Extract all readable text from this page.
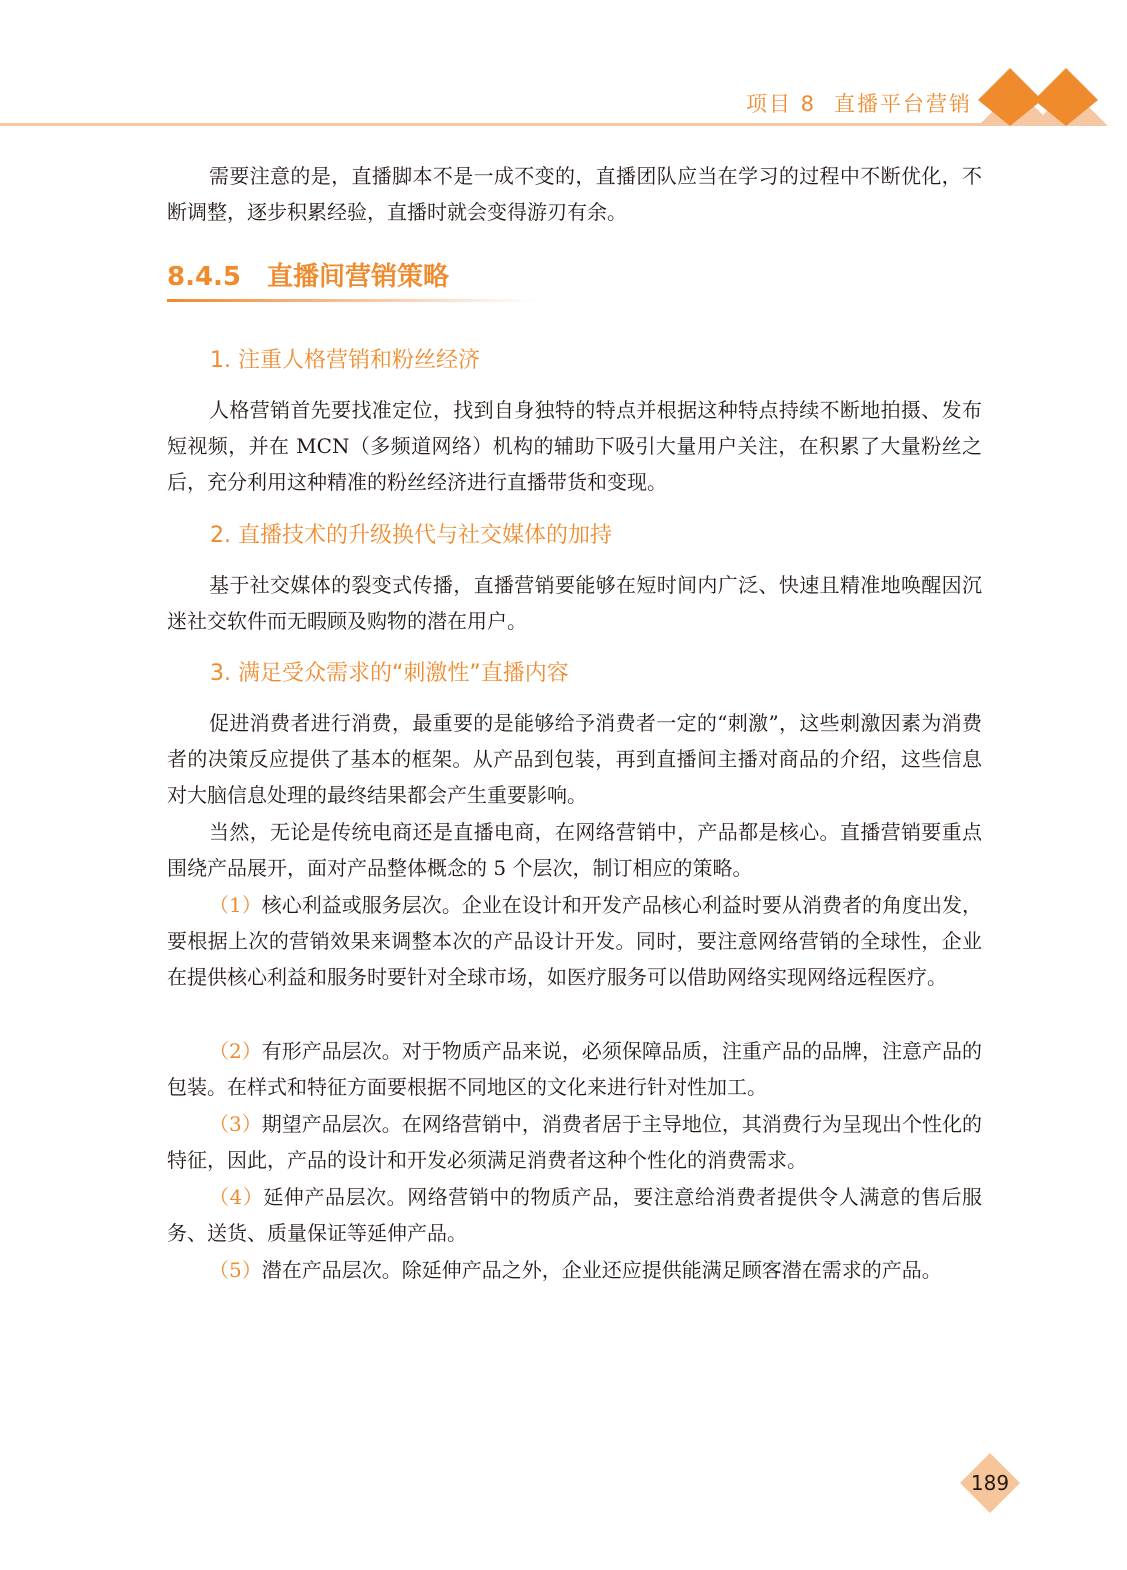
项目 8 直播平台营销

需要注意的是，直播脚本不是一成不变的，直播团队应当在学习的过程中不断优化，不断调整，逐步积累经验，直播时就会变得游刃有余。

8.4.5 直播间营销策略
1. 注重人格营销和粉丝经济

人格营销首先要找准定位，找到自身独特的特点并根据这种特点持续不断地拍摄、发布短视频，并在 MCN（多频道网络）机构的辅助下吸引大量用户关注，在积累了大量粉丝之后，充分利用这种精准的粉丝经济进行直播带货和变现。

2. 直播技术的升级换代与社交媒体的加持

基于社交媒体的裂变式传播，直播营销要能够在短时间内广泛、快速且精准地唤醒因沉迷社交软件而无暇顾及购物的潜在用户。

3. 满足受众需求的“刺激性”直播内容

促进消费者进行消费，最重要的是能够给予消费者一定的“刺激”，这些刺激因素为消费者的决策反应提供了基本的框架。从产品到包装，再到直播间主播对商品的介绍，这些信息对大脑信息处理的最终结果都会产生重要影响。

当然，无论是传统电商还是直播电商，在网络营销中，产品都是核心。直播营销要重点围绕产品展开，面对产品整体概念的 5 个层次，制订相应的策略。

（1）核心利益或服务层次。企业在设计和开发产品核心利益时要从消费者的角度出发，要根据上次的营销效果来调整本次的产品设计开发。同时，要注意网络营销的全球性，企业在提供核心利益和服务时要针对全球市场，如医疗服务可以借助网络实现网络远程医疗。

（2）有形产品层次。对于物质产品来说，必须保障品质，注重产品的品牌，注意产品的包装。在样式和特征方面要根据不同地区的文化来进行针对性加工。

（3）期望产品层次。在网络营销中，消费者居于主导地位，其消费行为呈现出个性化的特征，因此，产品的设计和开发必须满足消费者这种个性化的消费需求。

（4）延伸产品层次。网络营销中的物质产品，要注意给消费者提供令人满意的售后服务、送货、质量保证等延伸产品。

（5）潜在产品层次。除延伸产品之外，企业还应提供能满足顾客潜在需求的产品。

189
